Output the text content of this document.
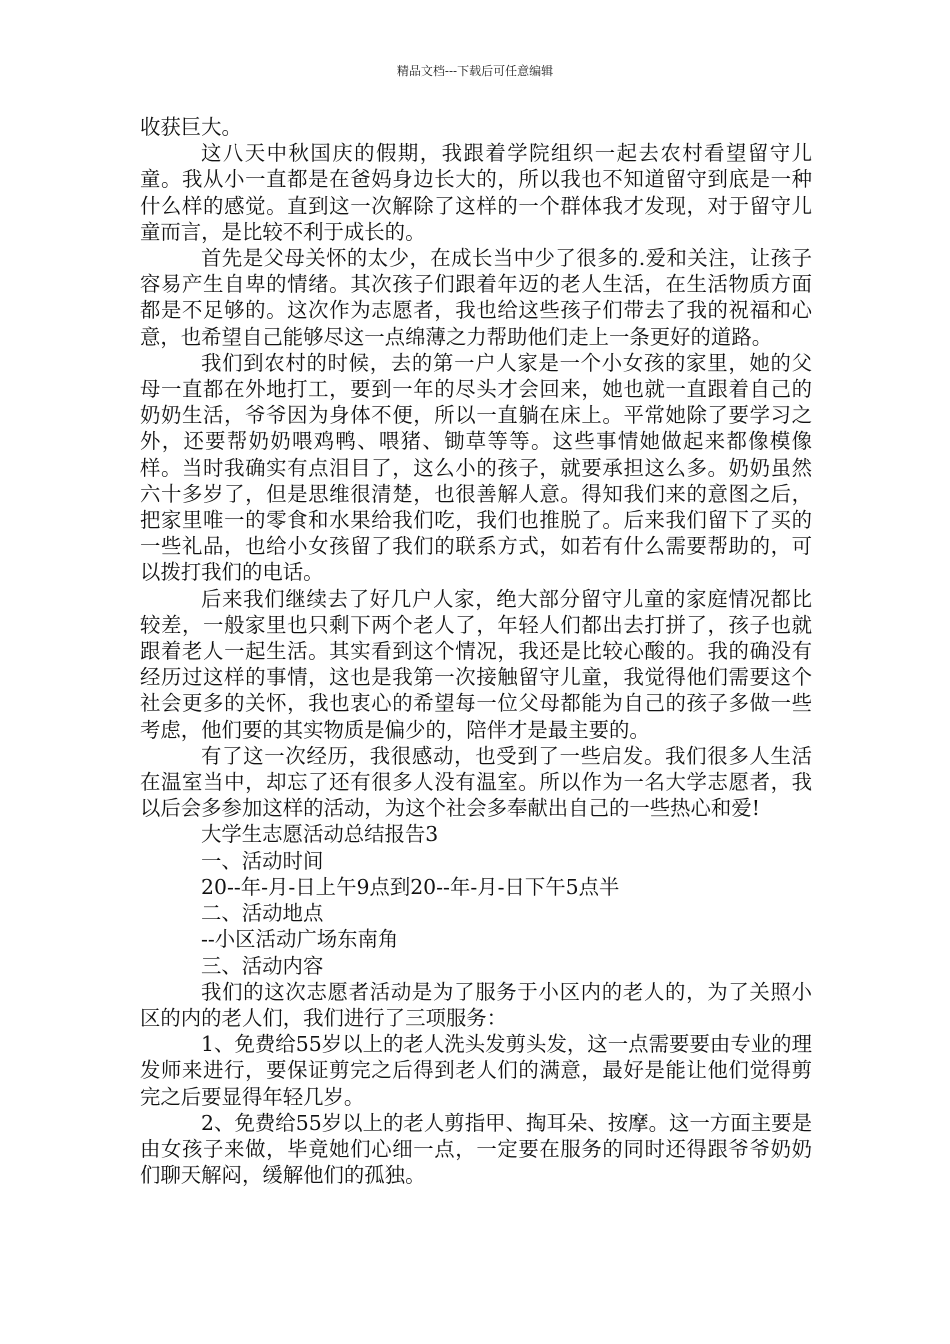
精品文档---下载后可任意编辑

收获巨大。

这八天中秋国庆的假期，我跟着学院组织一起去农村看望留守儿童。我从小一直都是在爸妈身边长大的，所以我也不知道留守到底是一种什么样的感觉。直到这一次解除了这样的一个群体我才发现，对于留守儿童而言，是比较不利于成长的。

首先是父母关怀的太少，在成长当中少了很多的.爱和关注，让孩子容易产生自卑的情绪。其次孩子们跟着年迈的老人生活，在生活物质方面都是不足够的。这次作为志愿者，我也给这些孩子们带去了我的祝福和心意，也希望自己能够尽这一点绵薄之力帮助他们走上一条更好的道路。

我们到农村的时候，去的第一户人家是一个小女孩的家里，她的父母一直都在外地打工，要到一年的尽头才会回来，她也就一直跟着自己的奶奶生活，爷爷因为身体不便，所以一直躺在床上。平常她除了要学习之外，还要帮奶奶喂鸡鸭、喂猪、锄草等等。这些事情她做起来都像模像样。当时我确实有点泪目了，这么小的孩子，就要承担这么多。奶奶虽然六十多岁了，但是思维很清楚，也很善解人意。得知我们来的意图之后，把家里唯一的零食和水果给我们吃，我们也推脱了。后来我们留下了买的一些礼品，也给小女孩留了我们的联系方式，如若有什么需要帮助的，可以拨打我们的电话。

后来我们继续去了好几户人家，绝大部分留守儿童的家庭情况都比较差，一般家里也只剩下两个老人了，年轻人们都出去打拼了，孩子也就跟着老人一起生活。其实看到这个情况，我还是比较心酸的。我的确没有经历过这样的事情，这也是我第一次接触留守儿童，我觉得他们需要这个社会更多的关怀，我也衷心的希望每一位父母都能为自己的孩子多做一些考虑，他们要的其实物质是偏少的，陪伴才是最主要的。

有了这一次经历，我很感动，也受到了一些启发。我们很多人生活在温室当中，却忘了还有很多人没有温室。所以作为一名大学志愿者，我以后会多参加这样的活动，为这个社会多奉献出自己的一些热心和爱!

大学生志愿活动总结报告3

一、活动时间

20--年-月-日上午9点到20--年-月-日下午5点半

二、活动地点

--小区活动广场东南角

三、活动内容

我们的这次志愿者活动是为了服务于小区内的老人的，为了关照小区的内的老人们，我们进行了三项服务：

1、免费给55岁以上的老人洗头发剪头发，这一点需要要由专业的理发师来进行，要保证剪完之后得到老人们的满意，最好是能让他们觉得剪完之后要显得年轻几岁。

2、免费给55岁以上的老人剪指甲、掏耳朵、按摩。这一方面主要是由女孩子来做，毕竟她们心细一点，一定要在服务的同时还得跟爷爷奶奶们聊天解闷，缓解他们的孤独。
